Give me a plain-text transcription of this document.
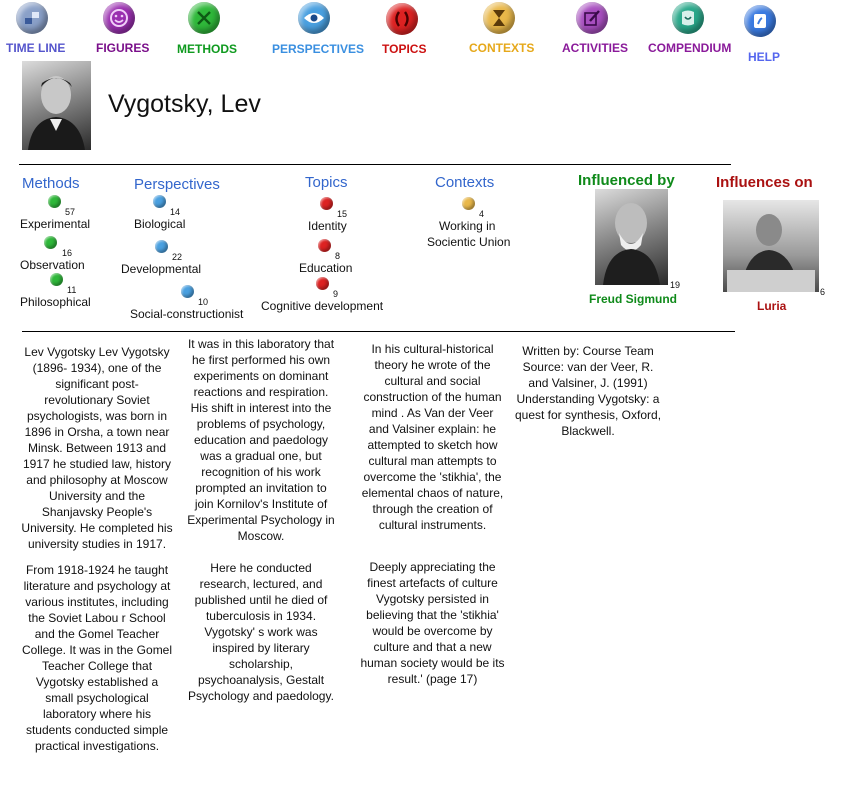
TIME LINE	FIGURES METHODS	PERSPECTIVES TOPICS	CONTEXTS ACTIVITIES COMPENDIUM
HELP
Vygotsky, Lev
Methods
57
Experimental
16
Observation
11
Philosophical
Perspectives
14
Biological
22
Developmental
10
Social-constructionist
Topics
15
Identity
8
Education
9
Cognitive development
Contexts
4
Working in
Socientic Union
Influenced by
19
Freud Sigmund
Influences on
6
Luria

Lev Vygotsky Lev Vygotsky (1896- 1934), one of the significant post-revolutionary Soviet psychologists, was born in 1896 in Orsha, a town near Minsk. Between 1913 and 1917 he studied law, history and philosophy at Moscow University and the Shanjavsky People's University. He completed his university studies in 1917.

From 1918-1924 he taught literature and psychology at various institutes, including the Soviet Labou r School and the Gomel Teacher College. It was in the Gomel Teacher College that Vygotsky established a small psychological laboratory where his students conducted simple practical investigations.

It was in this laboratory that he first performed his own experiments on dominant reactions and respiration. His shift in interest into the problems of psychology, education and paedology was a gradual one, but recognition of his work prompted an invitation to join Kornilov's Institute of Experimental Psychology in Moscow.

Here he conducted research, lectured, and published until he died of tuberculosis in 1934. Vygotsky' s work was inspired by literary scholarship, psychoanalysis, Gestalt Psychology and paedology.

In his cultural-historical theory he wrote of the cultural and social construction of the human mind . As Van der Veer and Valsiner explain: he attempted to sketch how cultural man attempts to overcome the 'stikhia', the elemental chaos of nature, through the creation of cultural instruments.

Deeply appreciating the finest artefacts of culture Vygotsky persisted in believing that the 'stikhia' would be overcome by culture and that a new human society would be its result.' (page 17)

Written by: Course Team Source: van der Veer, R. and Valsiner, J. (1991) Understanding Vygotsky: a quest for synthesis, Oxford, Blackwell.
